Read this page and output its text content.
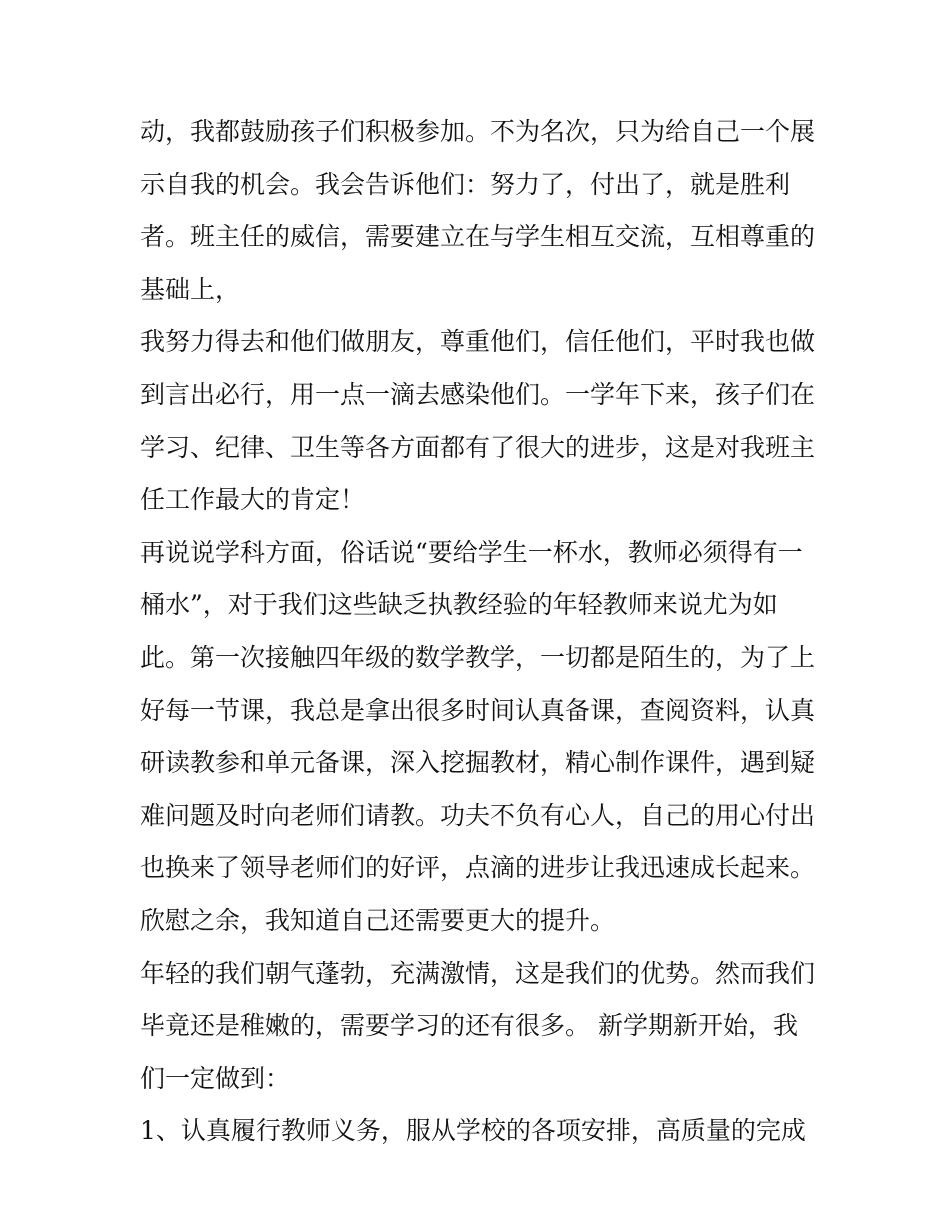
动，我都鼓励孩子们积极参加。不为名次，只为给自己一个展
示自我的机会。我会告诉他们：努力了，付出了，就是胜利
者。班主任的威信，需要建立在与学生相互交流，互相尊重的
基础上，
我努力得去和他们做朋友，尊重他们，信任他们，平时我也做
到言出必行，用一点一滴去感染他们。一学年下来，孩子们在
学习、纪律、卫生等各方面都有了很大的进步，这是对我班主
任工作最大的肯定！
再说说学科方面，俗话说“要给学生一杯水，教师必须得有一
桶水”，对于我们这些缺乏执教经验的年轻教师来说尤为如
此。第一次接触四年级的数学教学，一切都是陌生的，为了上
好每一节课，我总是拿出很多时间认真备课，查阅资料，认真
研读教参和单元备课，深入挖掘教材，精心制作课件，遇到疑
难问题及时向老师们请教。功夫不负有心人，自己的用心付出
也换来了领导老师们的好评，点滴的进步让我迅速成长起来。
欣慰之余，我知道自己还需要更大的提升。
年轻的我们朝气蓬勃，充满激情，这是我们的优势。然而我们
毕竟还是稚嫩的，需要学习的还有很多。 新学期新开始，我
们一定做到：
1、认真履行教师义务，服从学校的各项安排，高质量的完成
